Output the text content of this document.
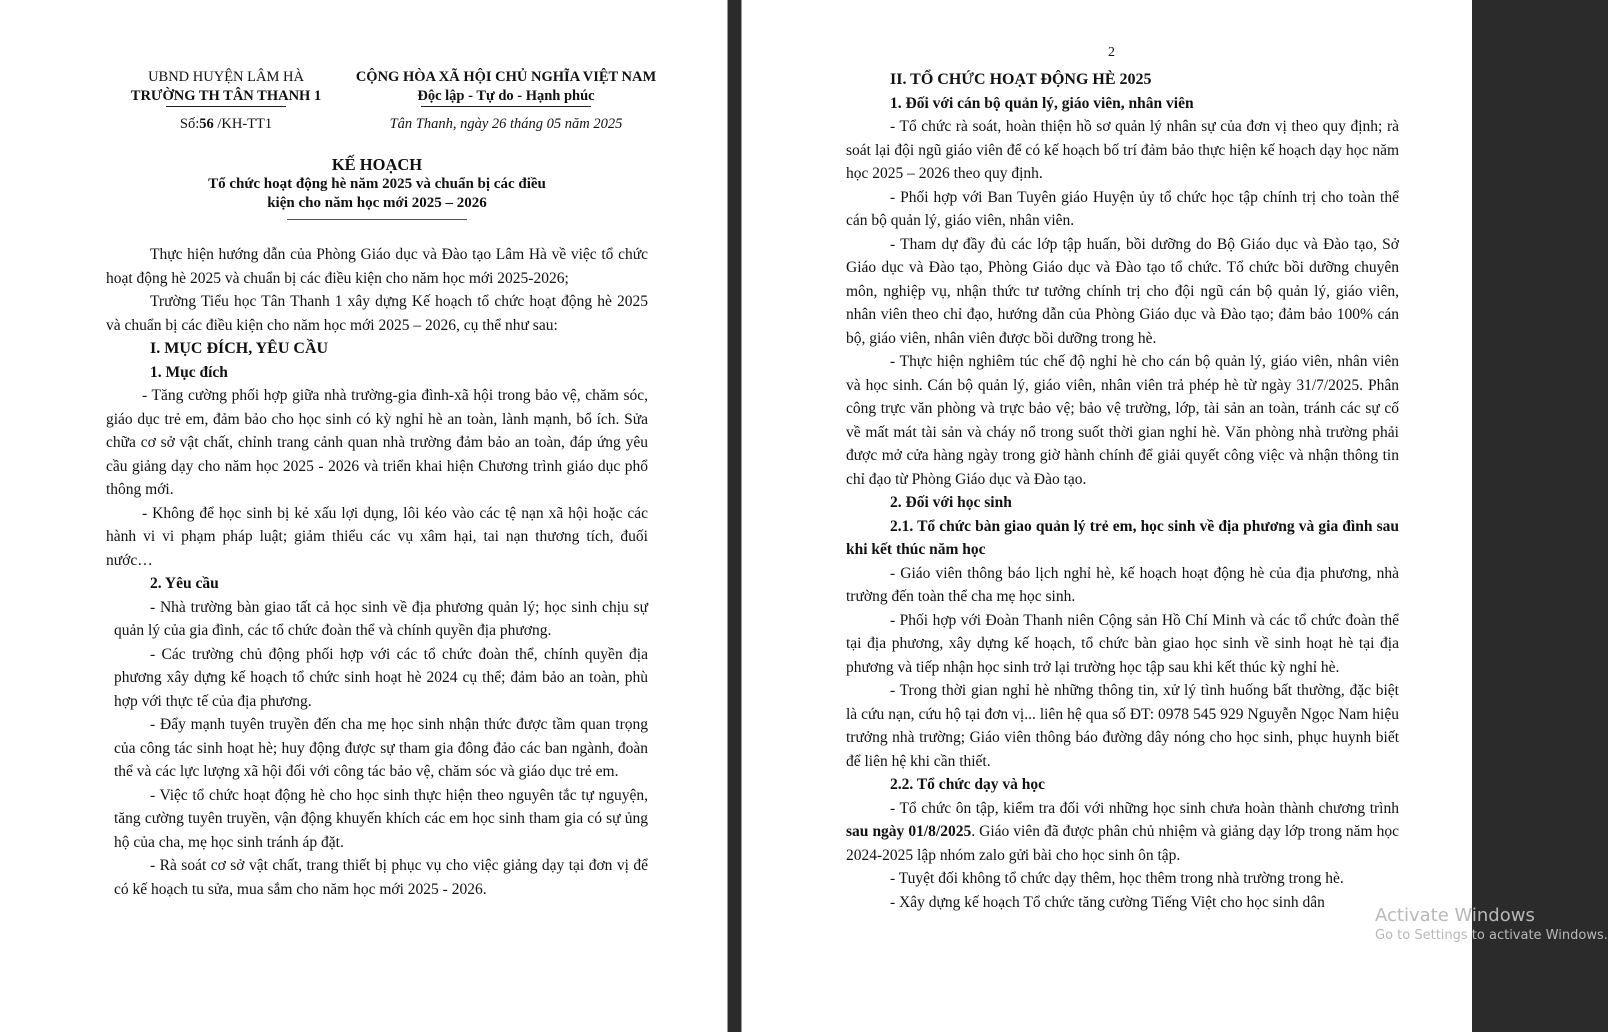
UBND HUYỆN LÂM HÀ
TRƯỜNG TH TÂN THANH 1
Số:56 /KH-TT1
CỘNG HÒA XÃ HỘI CHỦ NGHĨA VIỆT NAM
Độc lập - Tự do - Hạnh phúc
Tân Thanh, ngày 26 tháng 05 năm 2025
KẾ HOẠCH
Tổ chức hoạt động hè năm 2025 và chuẩn bị các điều
kiện cho năm học mới 2025 – 2026

Thực hiện hướng dẫn của Phòng Giáo dục và Đào tạo Lâm Hà về việc tổ chức hoạt động hè 2025 và chuẩn bị các điều kiện cho năm học mới 2025-2026;

Trường Tiểu học Tân Thanh 1 xây dựng Kế hoạch tổ chức hoạt động hè 2025 và chuẩn bị các điều kiện cho năm học mới 2025 – 2026, cụ thể như sau:

I. MỤC ĐÍCH, YÊU CẦU

1. Mục đích

- Tăng cường phối hợp giữa nhà trường-gia đình-xã hội trong bảo vệ, chăm sóc, giáo dục trẻ em, đảm bảo cho học sinh có kỳ nghỉ hè an toàn, lành mạnh, bổ ích. Sửa chữa cơ sở vật chất, chỉnh trang cảnh quan nhà trường đảm bảo an toàn, đáp ứng yêu cầu giảng dạy cho năm học 2025 - 2026 và triển khai hiện Chương trình giáo dục phổ thông mới.

- Không để học sinh bị kẻ xấu lợi dụng, lôi kéo vào các tệ nạn xã hội hoặc các hành vi vi phạm pháp luật; giảm thiểu các vụ xâm hại, tai nạn thương tích, đuối nước…

2. Yêu cầu

- Nhà trường bàn giao tất cả học sinh về địa phương quản lý; học sinh chịu sự quản lý của gia đình, các tổ chức đoàn thể và chính quyền địa phương.

- Các trường chủ động phối hợp với các tổ chức đoàn thể, chính quyền địa phương xây dựng kế hoạch tổ chức sinh hoạt hè 2024 cụ thể; đảm bảo an toàn, phù hợp với thực tế của địa phương.

- Đẩy mạnh tuyên truyền đến cha mẹ học sinh nhận thức được tầm quan trọng của công tác sinh hoạt hè; huy động được sự tham gia đông đảo các ban ngành, đoàn thể và các lực lượng xã hội đối với công tác bảo vệ, chăm sóc và giáo dục trẻ em.

- Việc tổ chức hoạt động hè cho học sinh thực hiện theo nguyên tắc tự nguyện, tăng cường tuyên truyền, vận động khuyến khích các em học sinh tham gia có sự ủng hộ của cha, mẹ học sinh tránh áp đặt.

- Rà soát cơ sở vật chất, trang thiết bị phục vụ cho việc giảng dạy tại đơn vị để có kế hoạch tu sửa, mua sắm cho năm học mới 2025 - 2026.

2

II. TỔ CHỨC HOẠT ĐỘNG HÈ 2025

1. Đối với cán bộ quản lý, giáo viên, nhân viên

- Tổ chức rà soát, hoàn thiện hồ sơ quản lý nhân sự của đơn vị theo quy định; rà soát lại đội ngũ giáo viên để có kế hoạch bố trí đảm bảo thực hiện kế hoạch dạy học năm học 2025 – 2026 theo quy định.

- Phối hợp với Ban Tuyên giáo Huyện ủy tổ chức học tập chính trị cho toàn thể cán bộ quản lý, giáo viên, nhân viên.

- Tham dự đầy đủ các lớp tập huấn, bồi dưỡng do Bộ Giáo dục và Đào tạo, Sở Giáo dục và Đào tạo, Phòng Giáo dục và Đào tạo tổ chức. Tổ chức bồi dưỡng chuyên môn, nghiệp vụ, nhận thức tư tưởng chính trị cho đội ngũ cán bộ quản lý, giáo viên, nhân viên theo chỉ đạo, hướng dẫn của Phòng Giáo dục và Đào tạo; đảm bảo 100% cán bộ, giáo viên, nhân viên được bồi dưỡng trong hè.

- Thực hiện nghiêm túc chế độ nghỉ hè cho cán bộ quản lý, giáo viên, nhân viên và học sinh. Cán bộ quản lý, giáo viên, nhân viên trả phép hè từ ngày 31/7/2025. Phân công trực văn phòng và trực bảo vệ; bảo vệ trường, lớp, tài sản an toàn, tránh các sự cố về mất mát tài sản và cháy nổ trong suốt thời gian nghỉ hè. Văn phòng nhà trường phải được mở cửa hàng ngày trong giờ hành chính để giải quyết công việc và nhận thông tin chỉ đạo từ Phòng Giáo dục và Đào tạo.

2. Đối với học sinh

2.1. Tổ chức bàn giao quản lý trẻ em, học sinh về địa phương và gia đình sau khi kết thúc năm học

- Giáo viên thông báo lịch nghỉ hè, kế hoạch hoạt động hè của địa phương, nhà trường đến toàn thể cha mẹ học sinh.

- Phối hợp với Đoàn Thanh niên Cộng sản Hồ Chí Minh và các tổ chức đoàn thể tại địa phương, xây dựng kế hoạch, tổ chức bàn giao học sinh về sinh hoạt hè tại địa phương và tiếp nhận học sinh trở lại trường học tập sau khi kết thúc kỳ nghỉ hè.

- Trong thời gian nghỉ hè những thông tin, xử lý tình huống bất thường, đặc biệt là cứu nạn, cứu hộ tại đơn vị... liên hệ qua số ĐT: 0978 545 929 Nguyễn Ngọc Nam hiệu trưởng nhà trường; Giáo viên thông báo đường dây nóng cho học sinh, phục huynh biết để liên hệ khi cần thiết.

2.2. Tổ chức dạy và học

- Tổ chức ôn tập, kiểm tra đối với những học sinh chưa hoàn thành chương trình sau ngày 01/8/2025. Giáo viên đã được phân chủ nhiệm và giảng dạy lớp trong năm học 2024-2025 lập nhóm zalo gửi bài cho học sinh ôn tập.

- Tuyệt đối không tổ chức dạy thêm, học thêm trong nhà trường trong hè.

- Xây dựng kế hoạch Tổ chức tăng cường Tiếng Việt cho học sinh dân

Activate Windows
Go to Settings to activate Windows.
